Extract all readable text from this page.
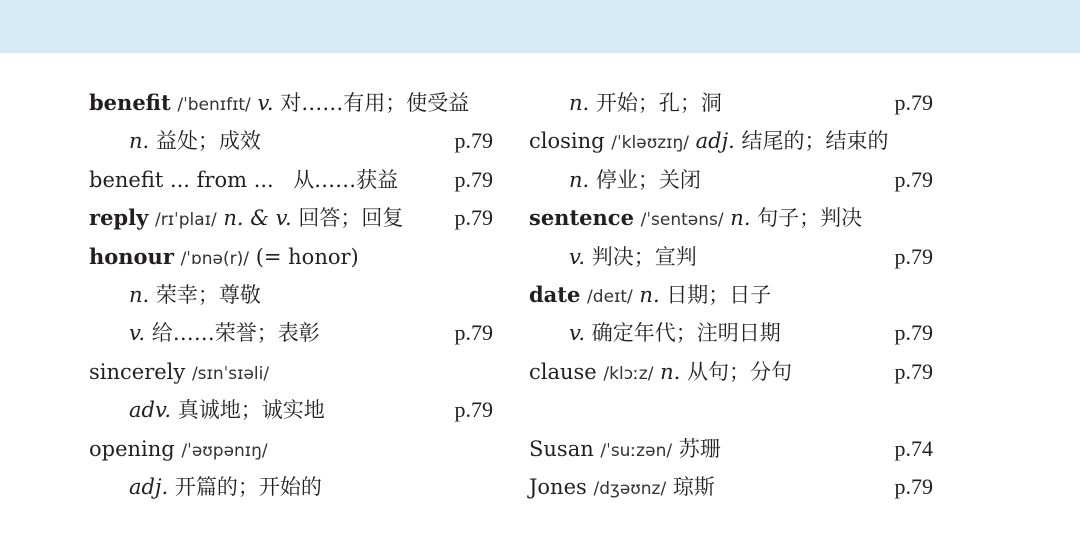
benefit /ˈbenɪfɪt/ v. 对……有用；使受益
n. 益处；成效	p.79
benefit ... from ... 从……获益	p.79
reply /rɪˈplaɪ/ n. & v. 回答；回复 p.79
honour /ˈɒnə(r)/ (= honor)
n. 荣幸；尊敬
v. 给……荣誉；表彰	p.79
sincerely /sɪnˈsɪəli/
adv. 真诚地；诚实地	p.79
opening /ˈəʊpənɪŋ/
adj. 开篇的；开始的
n. 开始；孔；洞	p.79
closing /ˈkləʊzɪŋ/ adj. 结尾的；结束的
n. 停业；关闭	p.79
sentence /ˈsentəns/ n. 句子；判决
v. 判决；宣判	p.79
date /deɪt/ n. 日期；日子
v. 确定年代；注明日期	p.79
clause /klɔːz/ n. 从句；分句	p.79
Susan /ˈsuːzən/ 苏珊	p.74
Jones /dʒəʊnz/ 琼斯	p.79
